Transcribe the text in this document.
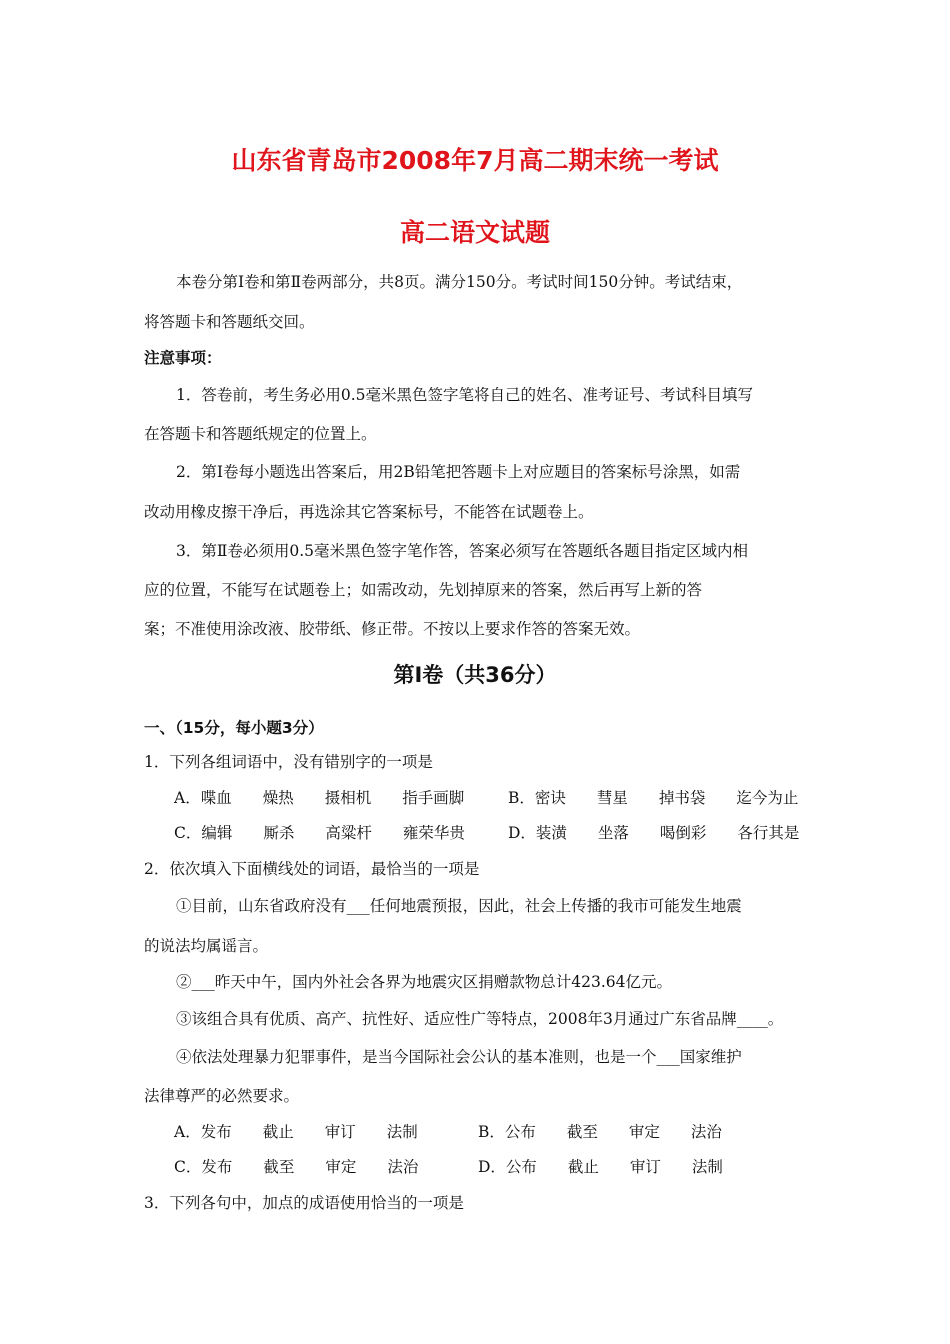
山东省青岛市2008年7月高二期末统一考试
高二语文试题
本卷分第Ⅰ卷和第Ⅱ卷两部分，共8页。满分150分。考试时间150分钟。考试结束，
将答题卡和答题纸交回。
注意事项：
1．答卷前，考生务必用0.5毫米黑色签字笔将自己的姓名、准考证号、考试科目填写
在答题卡和答题纸规定的位置上。
2．第Ⅰ卷每小题选出答案后，用2B铅笔把答题卡上对应题目的答案标号涂黑，如需
改动用橡皮擦干净后，再选涂其它答案标号，不能答在试题卷上。
3．第Ⅱ卷必须用0.5毫米黑色签字笔作答，答案必须写在答题纸各题目指定区域内相
应的位置，不能写在试题卷上；如需改动，先划掉原来的答案，然后再写上新的答
案；不准使用涂改液、胶带纸、修正带。不按以上要求作答的答案无效。
第Ⅰ卷（共36分）
一、（15分，每小题3分）
1．下列各组词语中，没有错别字的一项是
A．喋血　　燥热　　摄相机　　指手画脚	B．密诀　　彗星　　掉书袋　　迄今为止
C．编辑　　厮杀　　高粱杆　　雍荣华贵	D．装潢　　坐落　　喝倒彩　　各行其是
2．依次填入下面横线处的词语，最恰当的一项是
①目前，山东省政府没有___任何地震预报，因此，社会上传播的我市可能发生地震
的说法均属谣言。
②___昨天中午，国内外社会各界为地震灾区捐赠款物总计423.64亿元。
③该组合具有优质、高产、抗性好、适应性广等特点，2008年3月通过广东省品牌____。
④依法处理暴力犯罪事件，是当今国际社会公认的基本准则，也是一个___国家维护
法律尊严的必然要求。
A．发布　　截止　　审订　　法制	B．公布　　截至　　审定　　法治
C．发布　　截至　　审定　　法治	D．公布　　截止　　审订　　法制
3．下列各句中，加点的成语使用恰当的一项是
